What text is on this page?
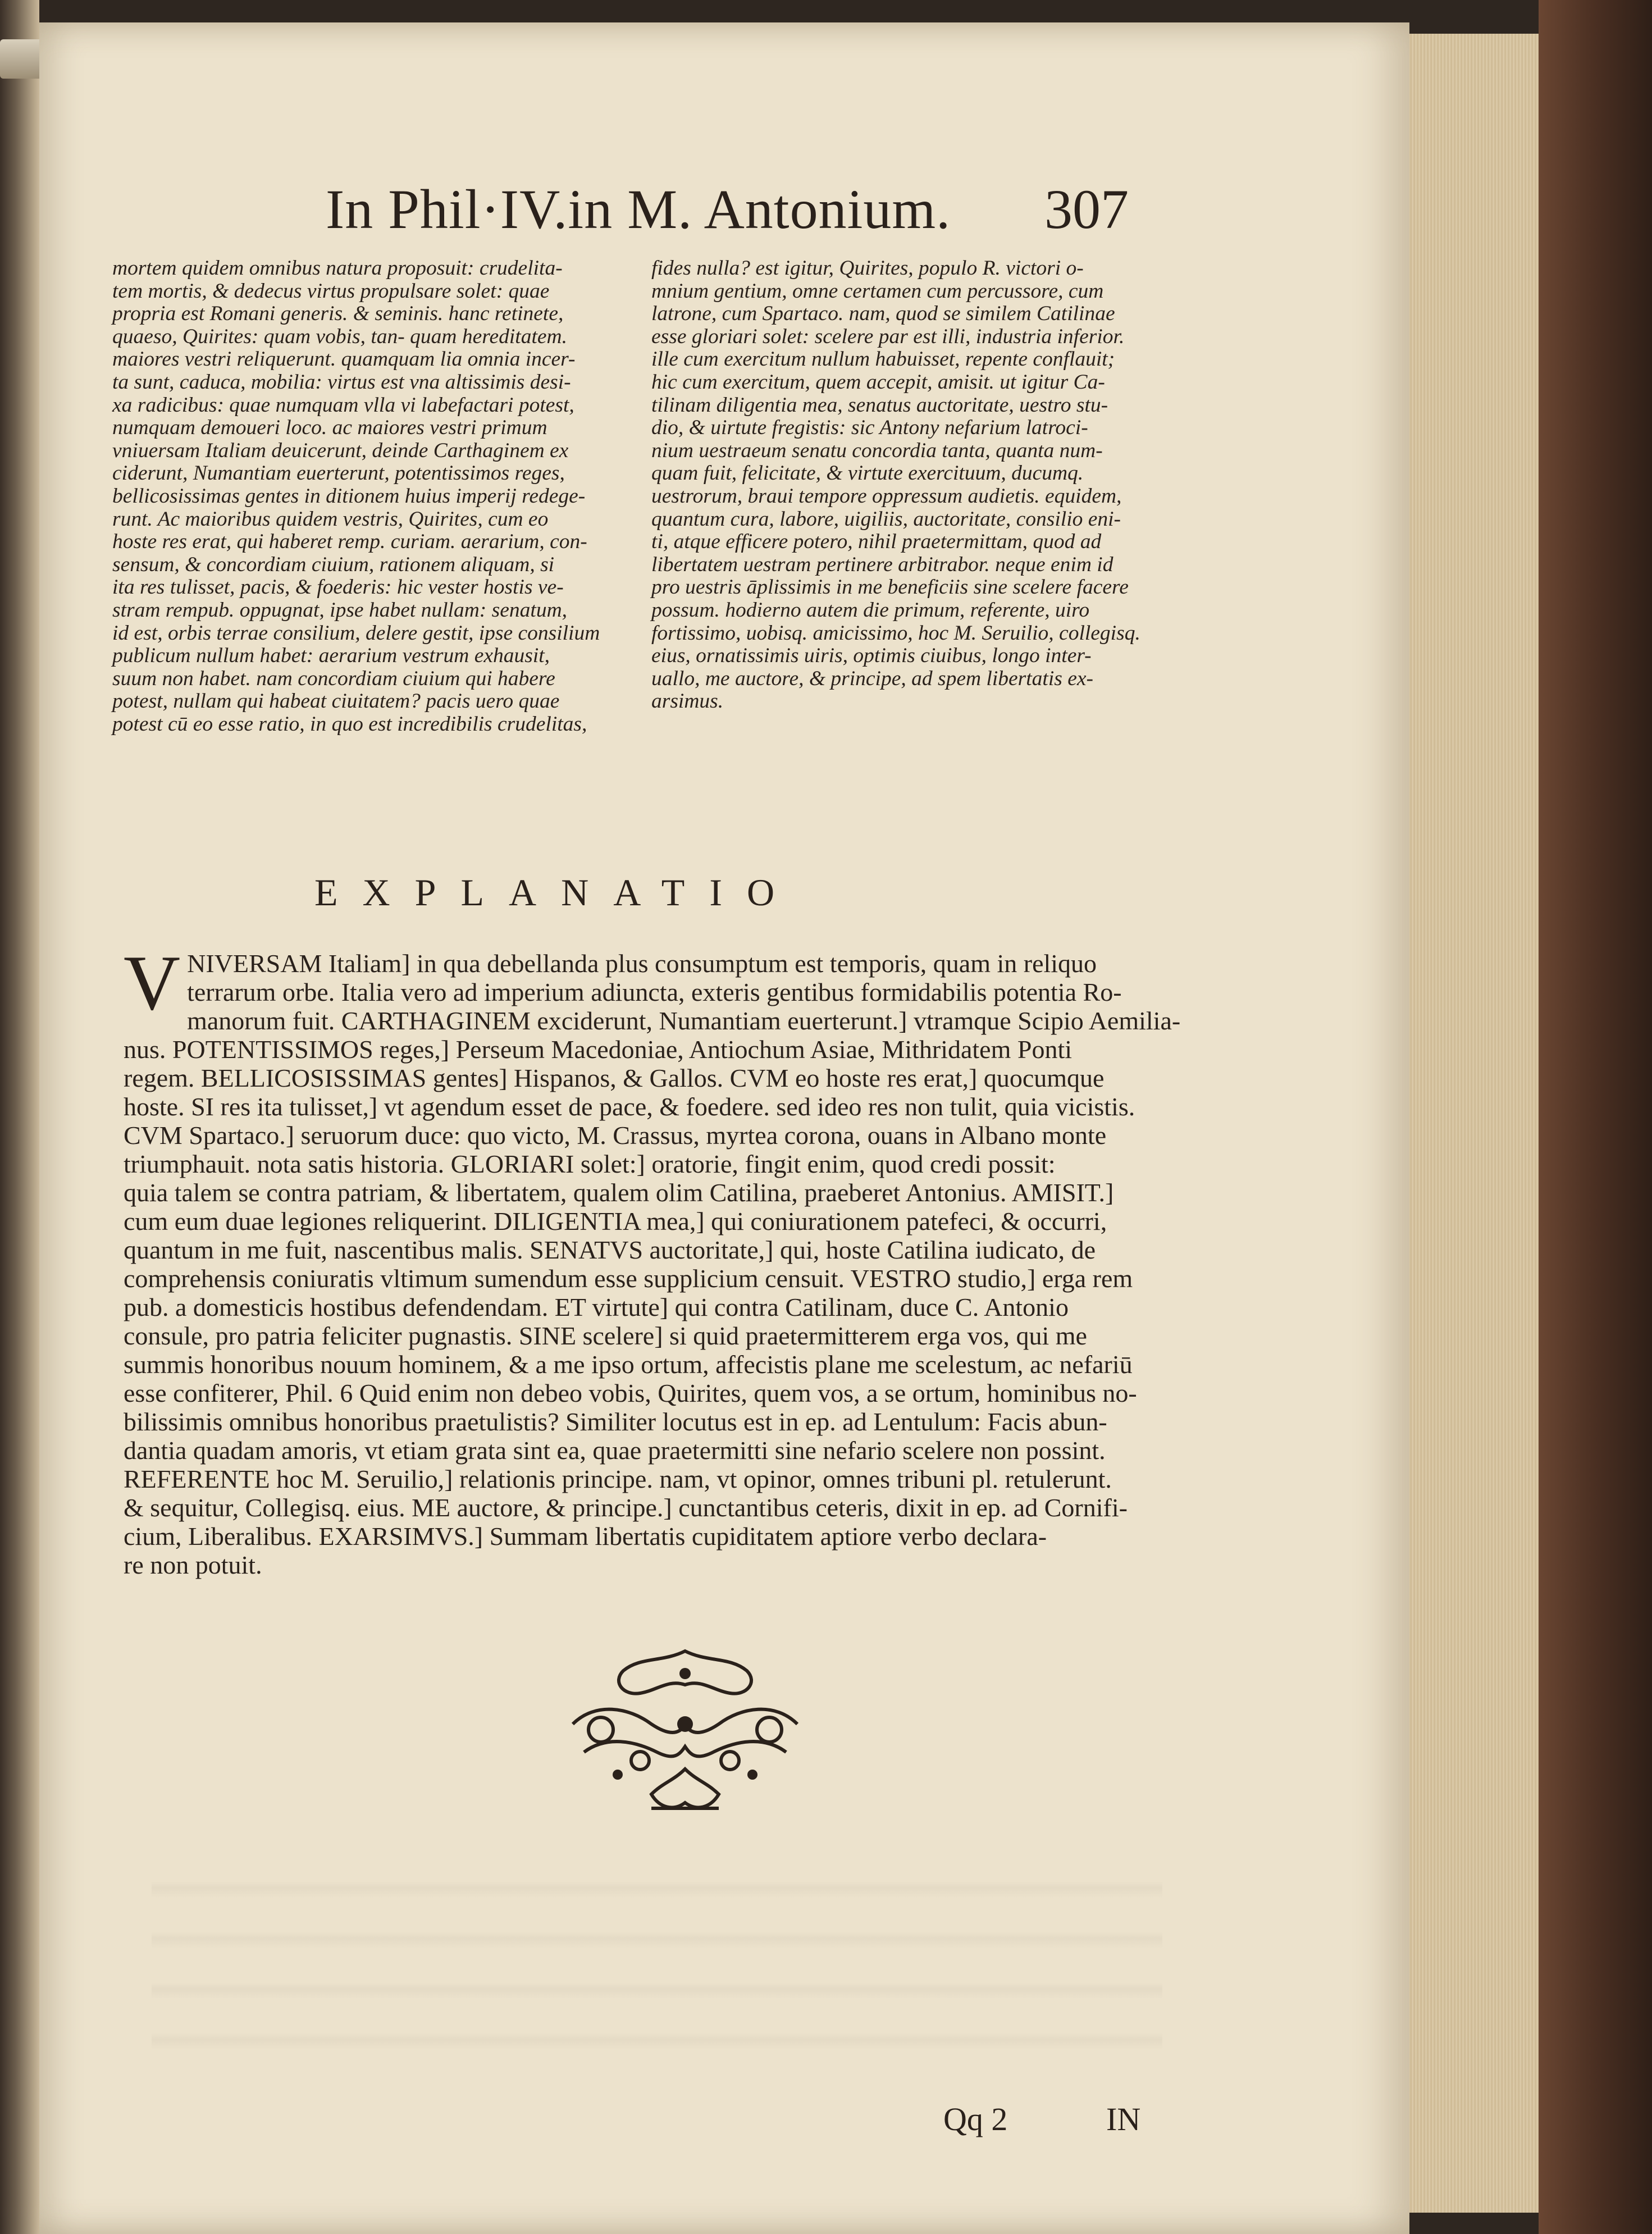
In Phil·IV.in M. Antonium. 307

mortem quidem omnibus natura proposuit: crudelita-

tem mortis, & dedecus virtus propulsare solet: quae

propria est Romani generis. & seminis. hanc retinete,

quaeso, Quirites: quam vobis, tan- quam hereditatem.

maiores vestri reliquerunt. quamquam lia omnia incer-

ta sunt, caduca, mobilia: virtus est vna altissimis desi-

xa radicibus: quae numquam vlla vi labefactari potest,

numquam demoueri loco. ac maiores vestri primum

vniuersam Italiam deuicerunt, deinde Carthaginem ex

ciderunt, Numantiam euerterunt, potentissimos reges,

bellicosissimas gentes in ditionem huius imperij redege-

runt. Ac maioribus quidem vestris, Quirites, cum eo

hoste res erat, qui haberet remp. curiam. aerarium, con-

sensum, & concordiam ciuium, rationem aliquam, si

ita res tulisset, pacis, & foederis: hic vester hostis ve-

stram rempub. oppugnat, ipse habet nullam: senatum,

id est, orbis terrae consilium, delere gestit, ipse consilium

publicum nullum habet: aerarium vestrum exhausit,

suum non habet. nam concordiam ciuium qui habere

potest, nullam qui habeat ciuitatem? pacis uero quae

potest cū eo esse ratio, in quo est incredibilis crudelitas,

fides nulla? est igitur, Quirites, populo R. victori o-

mnium gentium, omne certamen cum percussore, cum

latrone, cum Spartaco. nam, quod se similem Catilinae

esse gloriari solet: scelere par est illi, industria inferior.

ille cum exercitum nullum habuisset, repente conflauit;

hic cum exercitum, quem accepit, amisit. ut igitur Ca-

tilinam diligentia mea, senatus auctoritate, uestro stu-

dio, & uirtute fregistis: sic Antony nefarium latroci-

nium uestraeum senatu concordia tanta, quanta num-

quam fuit, felicitate, & virtute exercituum, ducumq.

uestrorum, braui tempore oppressum audietis. equidem,

quantum cura, labore, uigiliis, auctoritate, consilio eni-

ti, atque efficere potero, nihil praetermittam, quod ad

libertatem uestram pertinere arbitrabor. neque enim id

pro uestris āplissimis in me beneficiis sine scelere facere

possum. hodierno autem die primum, referente, uiro

fortissimo, uobisq. amicissimo, hoc M. Seruilio, collegisq.

eius, ornatissimis uiris, optimis ciuibus, longo inter-

uallo, me auctore, & principe, ad spem libertatis ex-

arsimus.

EXPLANATIO
V NIVERSAM Italiam] in qua debellanda plus consumptum est temporis, quam in reliquo

terrarum orbe. Italia vero ad imperium adiuncta, exteris gentibus formidabilis potentia Ro-

manorum fuit. CARTHAGINEM exciderunt, Numantiam euerterunt.] vtramque Scipio Aemilia-

nus. POTENTISSIMOS reges,] Perseum Macedoniae, Antiochum Asiae, Mithridatem Ponti

regem. BELLICOSISSIMAS gentes] Hispanos, & Gallos. CVM eo hoste res erat,] quocumque

hoste. SI res ita tulisset,] vt agendum esset de pace, & foedere. sed ideo res non tulit, quia vicistis.

CVM Spartaco.] seruorum duce: quo victo, M. Crassus, myrtea corona, ouans in Albano monte

triumphauit. nota satis historia. GLORIARI solet:] oratorie, fingit enim, quod credi possit:

quia talem se contra patriam, & libertatem, qualem olim Catilina, praeberet Antonius. AMISIT.]

cum eum duae legiones reliquerint. DILIGENTIA mea,] qui coniurationem patefeci, & occurri,

quantum in me fuit, nascentibus malis. SENATVS auctoritate,] qui, hoste Catilina iudicato, de

comprehensis coniuratis vltimum sumendum esse supplicium censuit. VESTRO studio,] erga rem

pub. a domesticis hostibus defendendam. ET virtute] qui contra Catilinam, duce C. Antonio

consule, pro patria feliciter pugnastis. SINE scelere] si quid praetermitterem erga vos, qui me

summis honoribus nouum hominem, & a me ipso ortum, affecistis plane me scelestum, ac nefariū

esse confiterer, Phil. 6 Quid enim non debeo vobis, Quirites, quem vos, a se ortum, hominibus no-

bilissimis omnibus honoribus praetulistis? Similiter locutus est in ep. ad Lentulum: Facis abun-

dantia quadam amoris, vt etiam grata sint ea, quae praetermitti sine nefario scelere non possint.

REFERENTE hoc M. Seruilio,] relationis principe. nam, vt opinor, omnes tribuni pl. retulerunt.

& sequitur, Collegisq. eius. ME auctore, & principe.] cunctantibus ceteris, dixit in ep. ad Cornifi-

cium, Liberalibus. EXARSIMVS.] Summam libertatis cupiditatem aptiore verbo declara-

re non potuit.

Qq 2	IN
